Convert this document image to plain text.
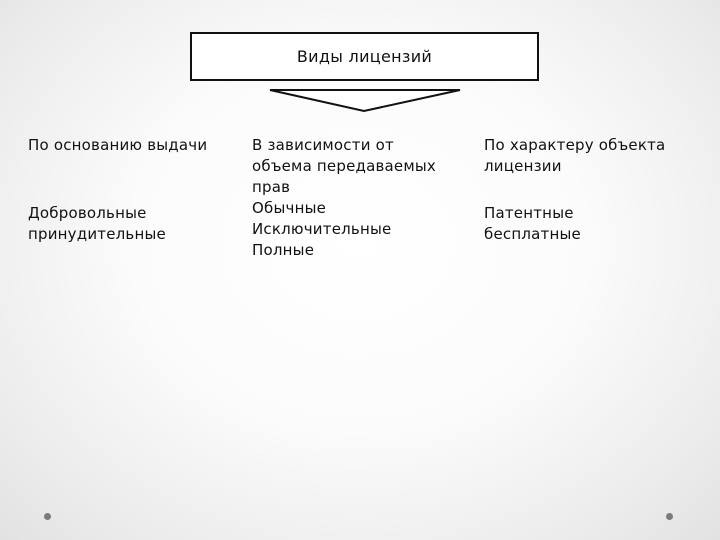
Виды лицензий
По основанию выдачи
Добровольные
принудительные
В зависимости от
объема передаваемых
прав
Обычные
Исключительные
Полные
По характеру объекта
лицензии
Патентные
бесплатные
